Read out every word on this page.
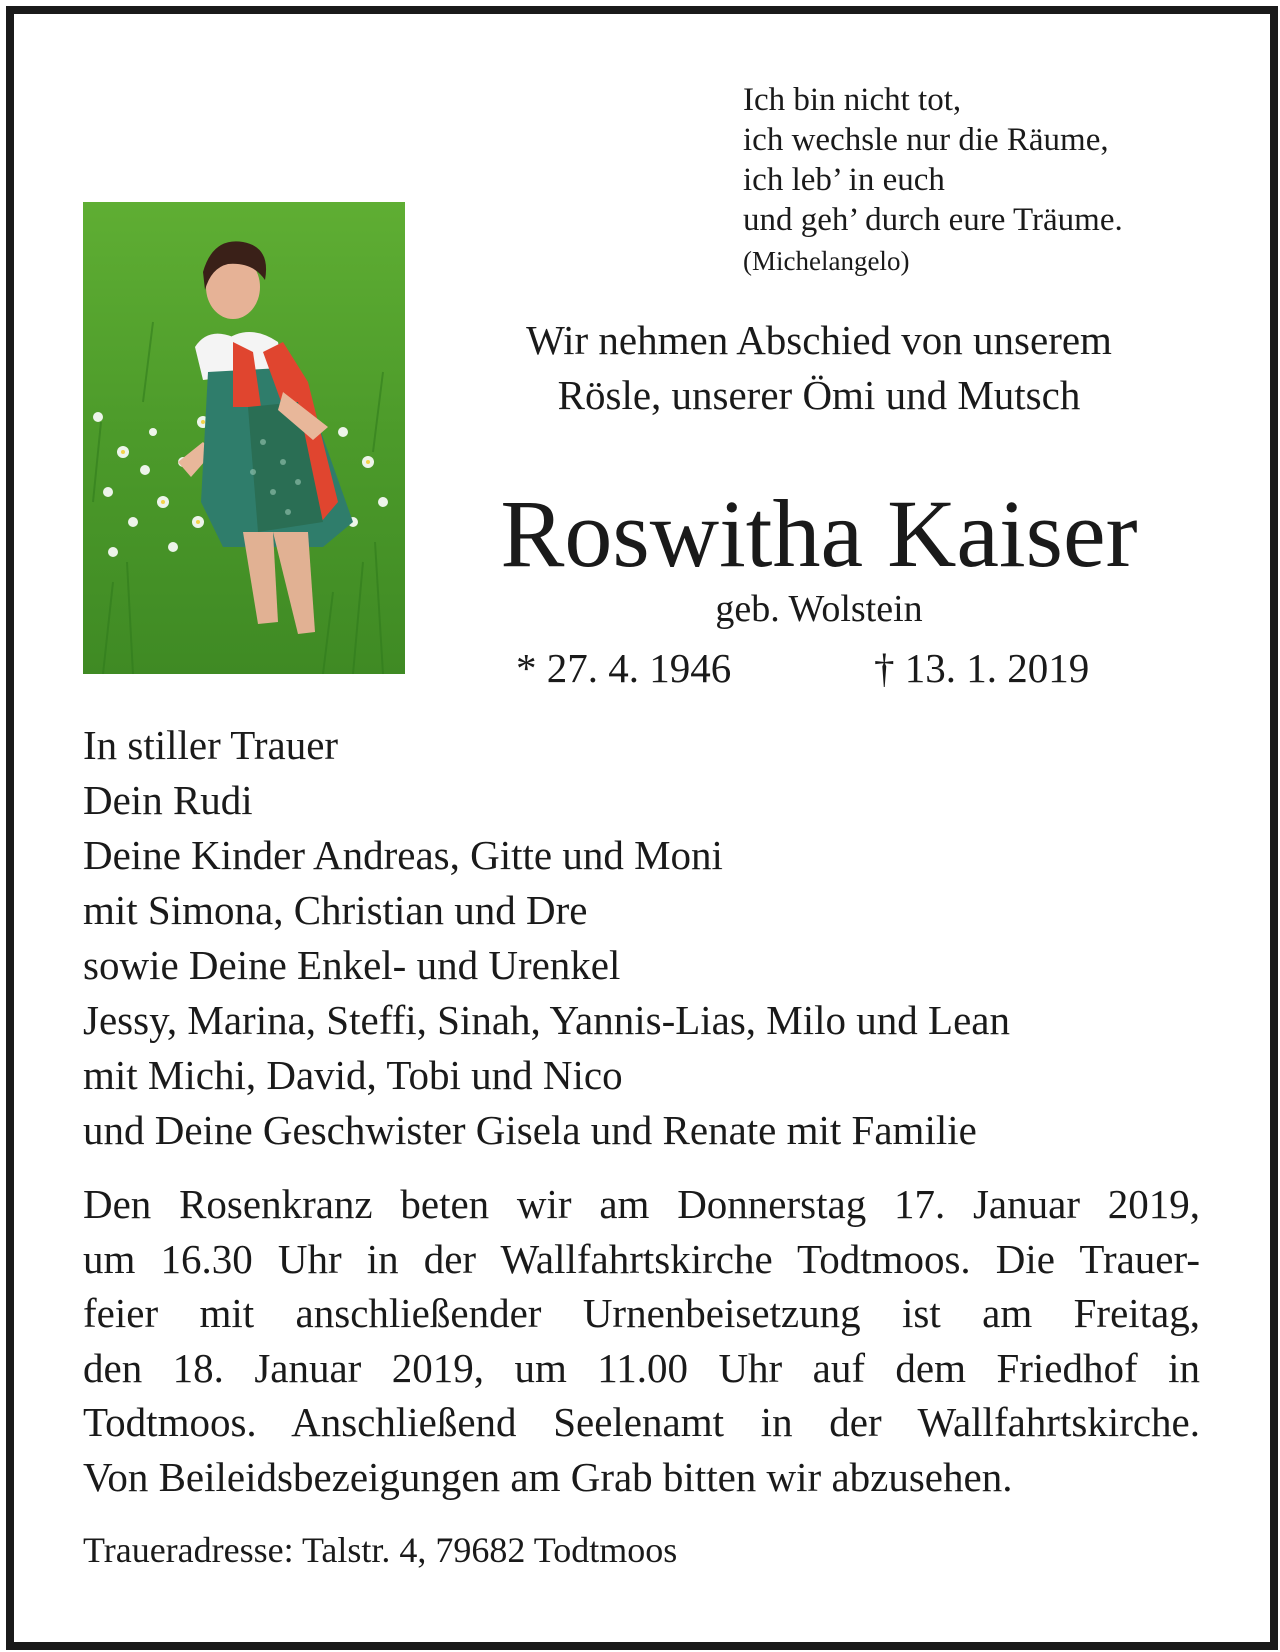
Ich bin nicht tot,
ich wechsle nur die Räume,
ich leb’ in euch
und geh’ durch eure Träume.
(Michelangelo)
Wir nehmen Abschied von unserem
Rösle, unserer Ömi und Mutsch
Roswitha Kaiser
geb. Wolstein
* 27. 4. 1946	† 13. 1. 2019
In stiller Trauer
Dein Rudi
Deine Kinder Andreas, Gitte und Moni
mit Simona, Christian und Dre
sowie Deine Enkel- und Urenkel
Jessy, Marina, Steffi, Sinah, Yannis-Lias, Milo und Lean
mit Michi, David, Tobi und Nico
und Deine Geschwister Gisela und Renate mit Familie
Den Rosenkranz beten wir am Donnerstag 17. Januar 2019,
um 16.30 Uhr in der Wallfahrtskirche Todtmoos. Die Trauer-
feier mit anschließender Urnenbeisetzung ist am Freitag,
den 18. Januar 2019, um 11.00 Uhr auf dem Friedhof in
Todtmoos. Anschließend Seelenamt in der Wallfahrtskirche.
Von Beileidsbezeigungen am Grab bitten wir abzusehen.
Traueradresse: Talstr. 4, 79682 Todtmoos
